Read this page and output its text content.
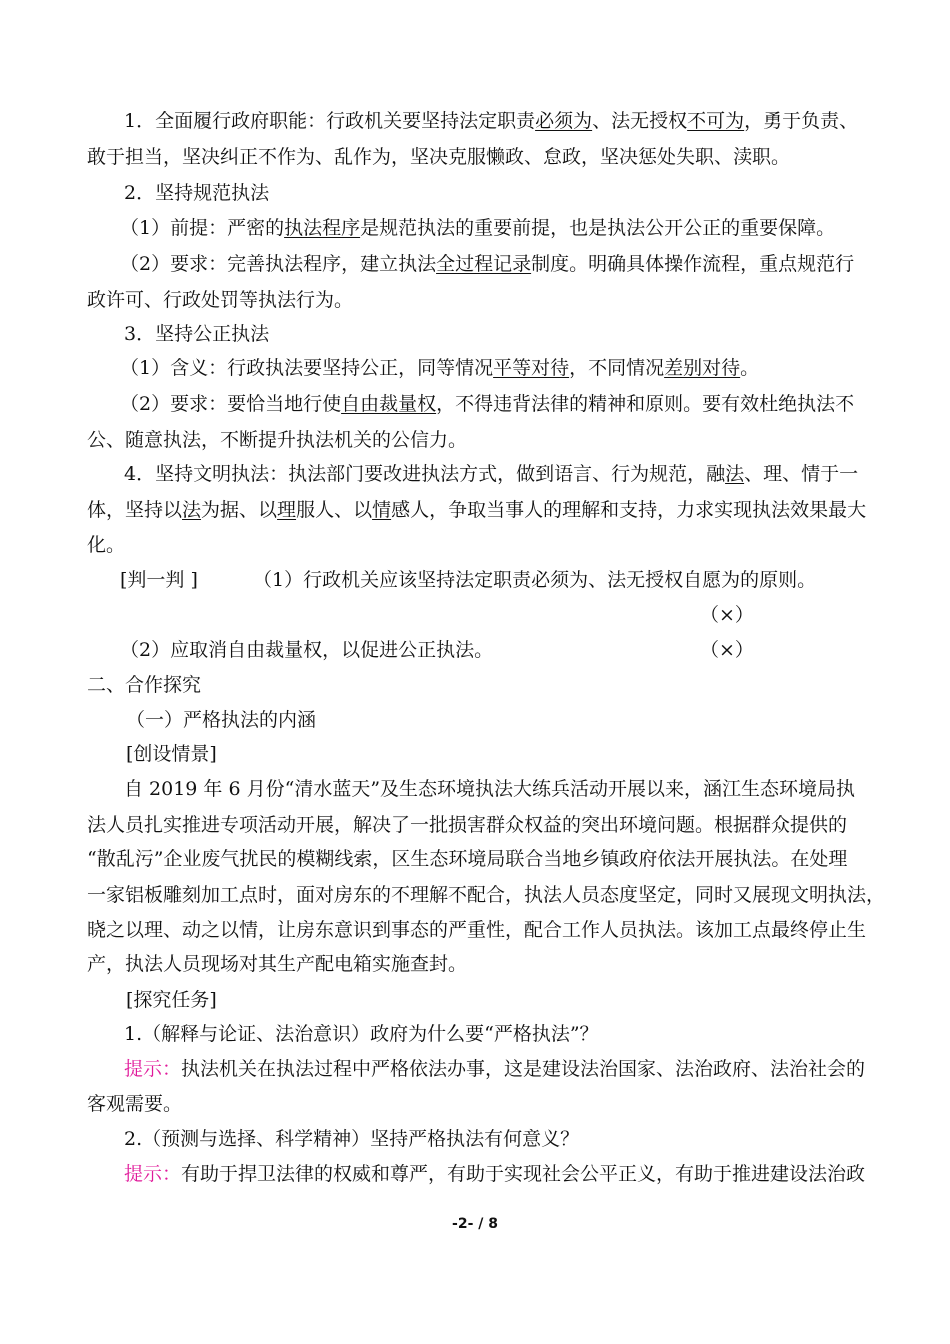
1．全面履行政府职能：行政机关要坚持法定职责必须为、法无授权不可为，勇于负责、
敢于担当，坚决纠正不作为、乱作为，坚决克服懒政、怠政，坚决惩处失职、渎职。
2．坚持规范执法
（1）前提：严密的执法程序是规范执法的重要前提，也是执法公开公正的重要保障。
（2）要求：完善执法程序，建立执法全过程记录制度。明确具体操作流程，重点规范行
政许可、行政处罚等执法行为。
3．坚持公正执法
（1）含义：行政执法要坚持公正，同等情况平等对待，不同情况差别对待。
（2）要求：要恰当地行使自由裁量权，不得违背法律的精神和原则。要有效杜绝执法不
公、随意执法，不断提升执法机关的公信力。
4．坚持文明执法：执法部门要改进执法方式，做到语言、行为规范，融法、理、情于一
体，坚持以法为据、以理服人、以情感人，争取当事人的理解和支持，力求实现执法效果最大
化。
[判一判 ]	（1）行政机关应该坚持法定职责必须为、法无授权自愿为的原则。
（×）
（2）应取消自由裁量权，以促进公正执法。	（×）
二、合作探究
（一）严格执法的内涵
[创设情景]
自 2019 年 6 月份“清水蓝天”及生态环境执法大练兵活动开展以来，涵江生态环境局执
法人员扎实推进专项活动开展，解决了一批损害群众权益的突出环境问题。根据群众提供的
“散乱污”企业废气扰民的模糊线索，区生态环境局联合当地乡镇政府依法开展执法。在处理
一家铝板雕刻加工点时，面对房东的不理解不配合，执法人员态度坚定，同时又展现文明执法，
晓之以理、动之以情，让房东意识到事态的严重性，配合工作人员执法。该加工点最终停止生
产，执法人员现场对其生产配电箱实施查封。
[探究任务]
1.（解释与论证、法治意识）政府为什么要“严格执法”？
提示：执法机关在执法过程中严格依法办事，这是建设法治国家、法治政府、法治社会的
客观需要。
2.（预测与选择、科学精神）坚持严格执法有何意义？
提示：有助于捍卫法律的权威和尊严，有助于实现社会公平正义，有助于推进建设法治政
-2- / 8
